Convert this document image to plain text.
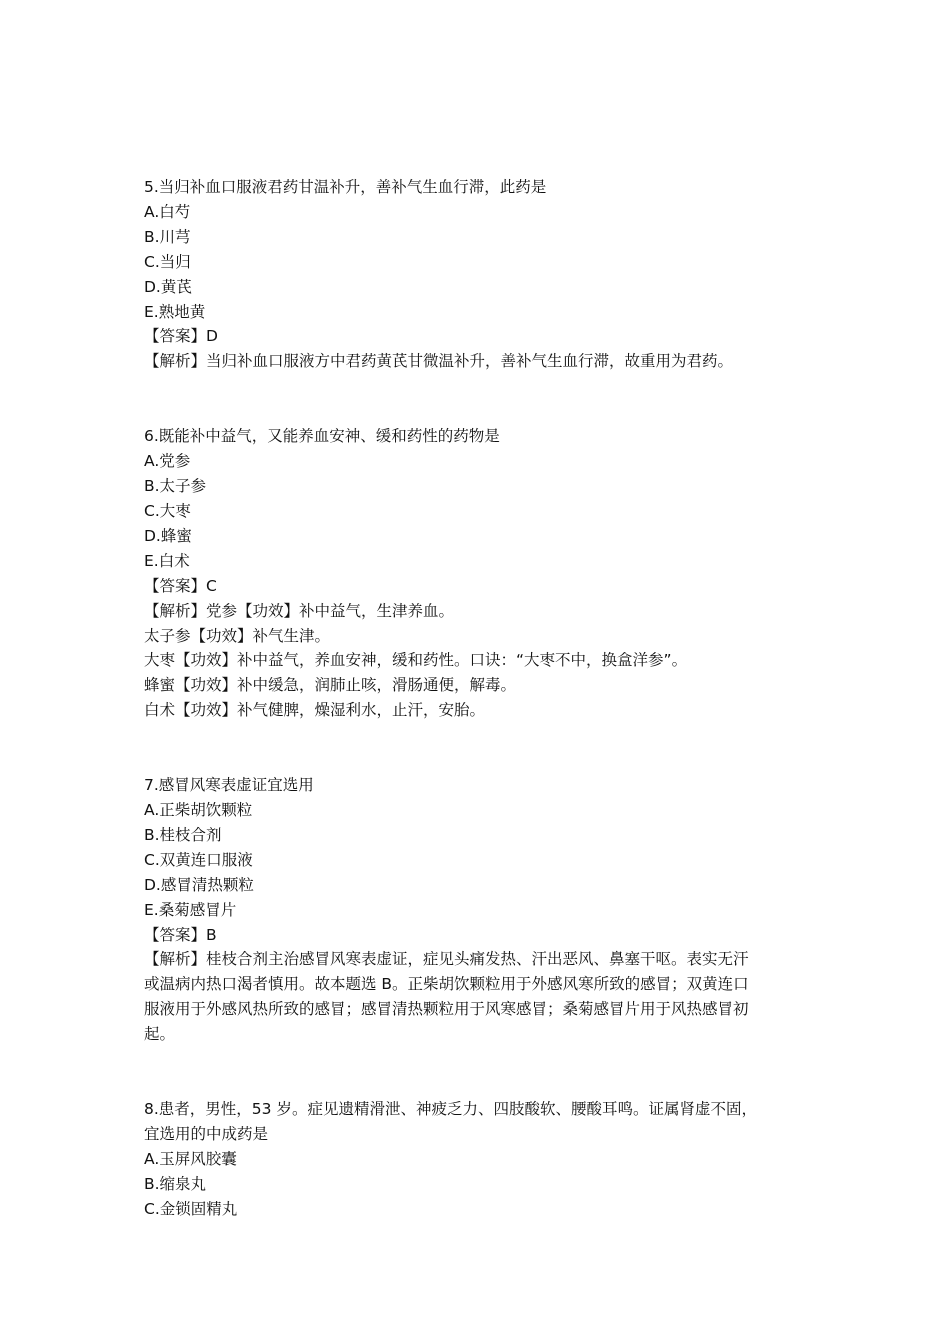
5.当归补血口服液君药甘温补升，善补气生血行滞，此药是
A.白芍
B.川芎
C.当归
D.黄芪
E.熟地黄
【答案】D
【解析】当归补血口服液方中君药黄芪甘微温补升，善补气生血行滞，故重用为君药。
6.既能补中益气，又能养血安神、缓和药性的药物是
A.党参
B.太子参
C.大枣
D.蜂蜜
E.白术
【答案】C
【解析】党参【功效】补中益气，生津养血。
太子参【功效】补气生津。
大枣【功效】补中益气，养血安神，缓和药性。口诀：“大枣不中，换盒洋参”。
蜂蜜【功效】补中缓急，润肺止咳，滑肠通便，解毒。
白术【功效】补气健脾，燥湿利水，止汗，安胎。
7.感冒风寒表虚证宜选用
A.正柴胡饮颗粒
B.桂枝合剂
C.双黄连口服液
D.感冒清热颗粒
E.桑菊感冒片
【答案】B
【解析】桂枝合剂主治感冒风寒表虚证，症见头痛发热、汗出恶风、鼻塞干呕。表实无汗
或温病内热口渴者慎用。故本题选 B。正柴胡饮颗粒用于外感风寒所致的感冒；双黄连口
服液用于外感风热所致的感冒；感冒清热颗粒用于风寒感冒；桑菊感冒片用于风热感冒初
起。
8.患者，男性，53 岁。症见遗精滑泄、神疲乏力、四肢酸软、腰酸耳鸣。证属肾虚不固，
宜选用的中成药是
A.玉屏风胶囊
B.缩泉丸
C.金锁固精丸
